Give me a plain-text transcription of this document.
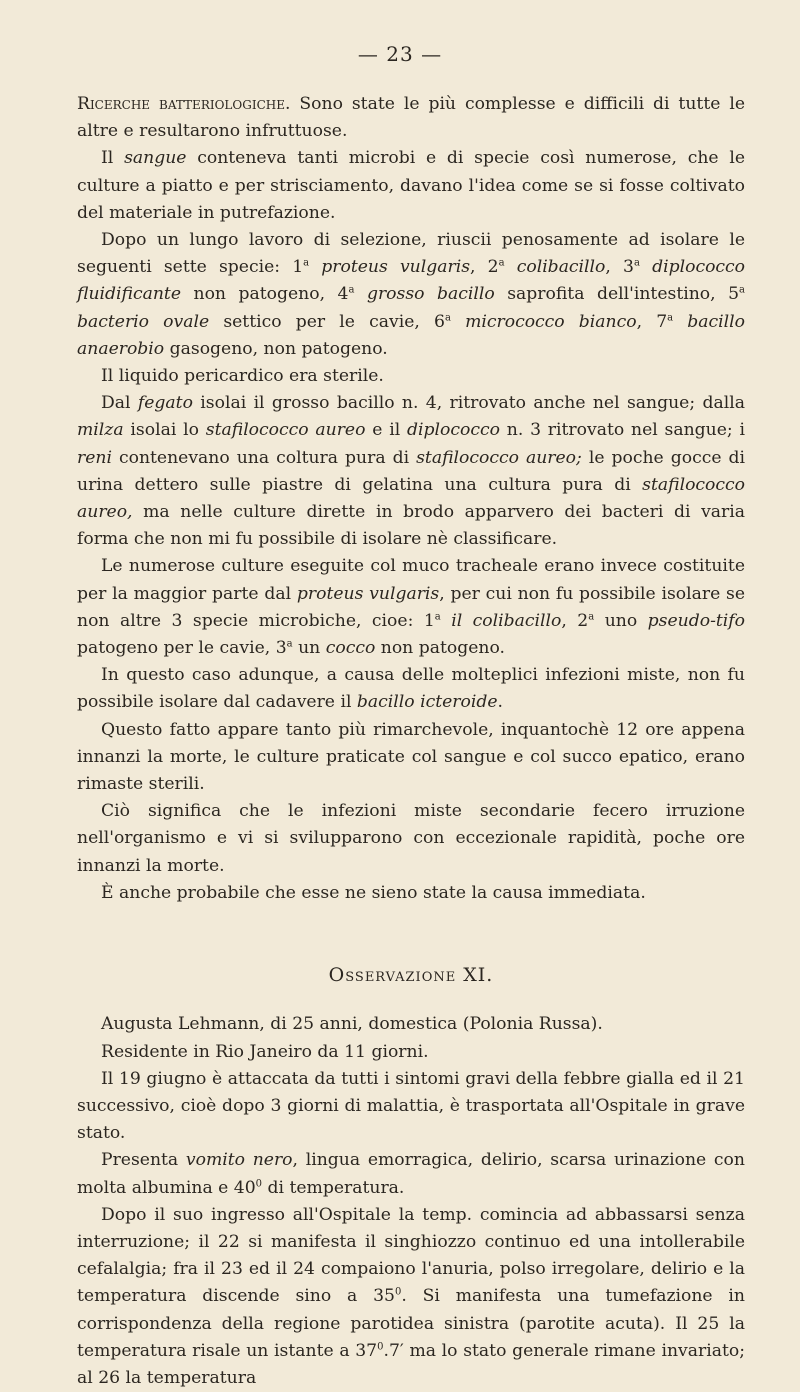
— 23 —

Ricerche batteriologiche. Sono state le più complesse e difficili di tutte le altre e resultarono infruttuose.

Il sangue conteneva tanti microbi e di specie così numerose, che le culture a piatto e per strisciamento, davano l'idea come se si fosse coltivato del materiale in putrefazione.

Dopo un lungo lavoro di selezione, riuscii penosamente ad isolare le seguenti sette specie: 1$^a$ proteus vulgaris, 2$^a$ colibacillo, 3$^a$ diplococco fluidificante non patogeno, 4$^a$ grosso bacillo saprofita dell'intestino, 5$^a$ bacterio ovale settico per le cavie, 6$^a$ micrococco bianco, 7$^a$ bacillo anaerobio gasogeno, non patogeno.

Il liquido pericardico era sterile.

Dal fegato isolai il grosso bacillo n. 4, ritrovato anche nel sangue; dalla milza isolai lo stafilococco aureo e il diplococco n. 3 ritrovato nel sangue; i reni contenevano una coltura pura di stafilococco aureo; le poche gocce di urina dettero sulle piastre di gelatina una cultura pura di stafilococco aureo, ma nelle culture dirette in brodo apparvero dei bacteri di varia forma che non mi fu possibile di isolare nè classificare.

Le numerose culture eseguite col muco tracheale erano invece costituite per la maggior parte dal proteus vulgaris, per cui non fu possibile isolare se non altre 3 specie microbiche, cioe: 1$^a$ il colibacillo, 2$^a$ uno pseudo-tifo patogeno per le cavie, 3$^a$ un cocco non patogeno.

In questo caso adunque, a causa delle molteplici infezioni miste, non fu possibile isolare dal cadavere il bacillo icteroide.

Questo fatto appare tanto più rimarchevole, inquantochè 12 ore appena innanzi la morte, le culture praticate col sangue e col succo epatico, erano rimaste sterili.

Ciò significa che le infezioni miste secondarie fecero irruzione nell'organismo e vi si svilupparono con eccezionale rapidità, poche ore innanzi la morte.

È anche probabile che esse ne sieno state la causa immediata.

Osservazione XI.

Augusta Lehmann, di 25 anni, domestica (Polonia Russa).

Residente in Rio Janeiro da 11 giorni.

Il 19 giugno è attaccata da tutti i sintomi gravi della febbre gialla ed il 21 successivo, cioè dopo 3 giorni di malattia, è trasportata all'Ospitale in grave stato.

Presenta vomito nero, lingua emorragica, delirio, scarsa urinazione con molta albumina e $40^0$ di temperatura.

Dopo il suo ingresso all'Ospitale la temp. comincia ad abbassarsi senza interruzione; il 22 si manifesta il singhiozzo continuo ed una intollerabile cefalalgia; fra il 23 ed il 24 compaiono l'anuria, polso irregolare, delirio e la temperatura discende sino a $35^0$. Si manifesta una tumefazione in corrispondenza della regione parotidea sinistra (parotite acuta). Il 25 la temperatura risale un istante a $37^0.7'$ ma lo stato generale rimane invariato; al 26 la temperatura
